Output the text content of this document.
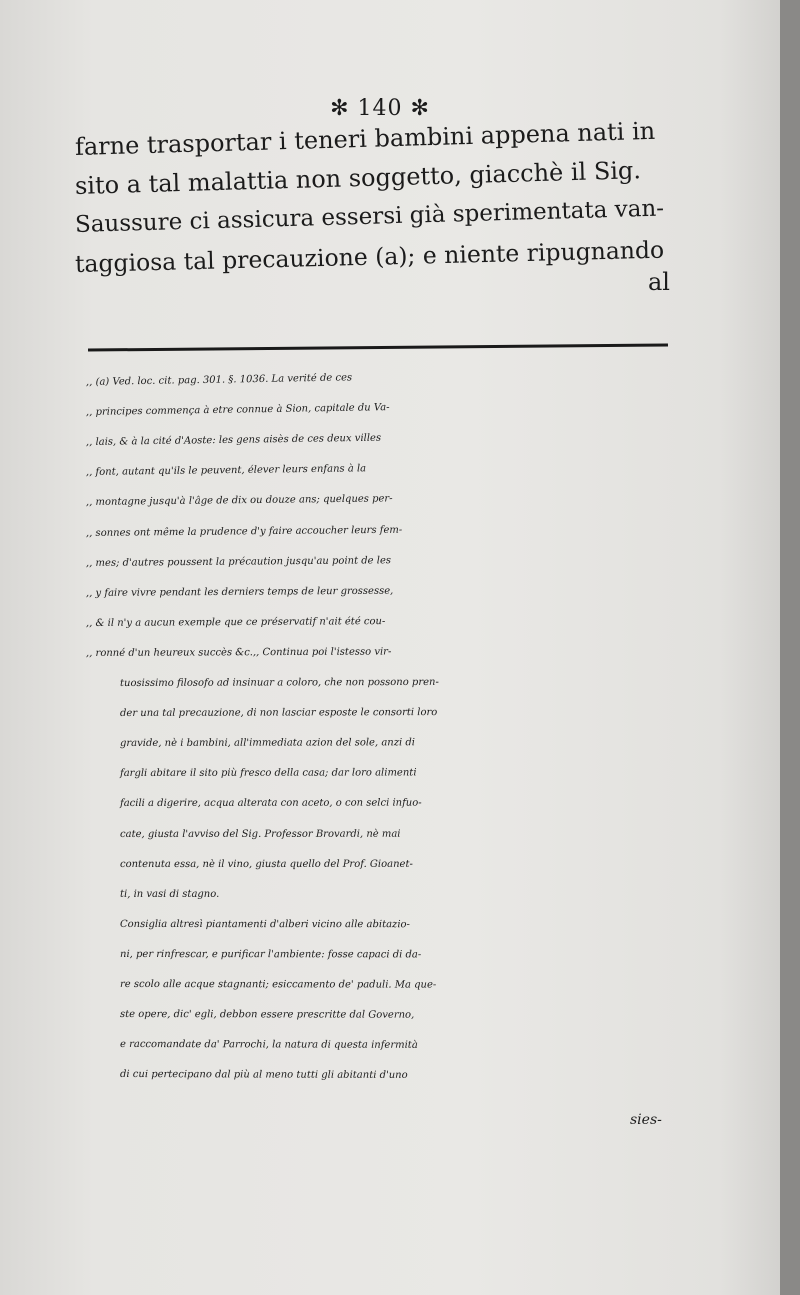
✻ 140 ✻
farne trasportar i teneri bambini appena nati in
sito a tal malattia non soggetto, giacchè il Sig.
Saussure ci assicura essersi già sperimentata van-
taggiosa tal precauzione (a); e niente ripugnando
al
,, (a) Ved. loc. cit. pag. 301. §. 1036. La verité de ces
,, principes commença à etre connue à Sion, capitale du Va-
,, lais, & à la cité d'Aoste: les gens aisès de ces deux villes
,, font, autant qu'ils le peuvent, élever leurs enfans à la
,, montagne jusqu'à l'âge de dix ou douze ans; quelques per-
,, sonnes ont même la prudence d'y faire accoucher leurs fem-
,, mes; d'autres poussent la précaution jusqu'au point de les
,, y faire vivre pendant les derniers temps de leur grossesse,
,, & il n'y a aucun exemple que ce préservatif n'ait été cou-
,, ronné d'un heureux succès &c.,, Continua poi l'istesso vir-
tuosissimo filosofo ad insinuar a coloro, che non possono pren-
der una tal precauzione, di non lasciar esposte le consorti loro
gravide, nè i bambini, all'immediata azion del sole, anzi di
fargli abitare il sito più fresco della casa; dar loro alimenti
facili a digerire, acqua alterata con aceto, o con selci infuo-
cate, giusta l'avviso del Sig. Professor Brovardi, nè mai
contenuta essa, nè il vino, giusta quello del Prof. Gioanet-
ti, in vasi di stagno.
Consiglia altresì piantamenti d'alberi vicino alle abitazio-
ni, per rinfrescar, e purificar l'ambiente: fosse capaci di da-
re scolo alle acque stagnanti; esiccamento de' paduli. Ma que-
ste opere, dic' egli, debbon essere prescritte dal Governo,
e raccomandate da' Parrochi, la natura di questa infermità
di cui pertecipano dal più al meno tutti gli abitanti d'uno
sies-
